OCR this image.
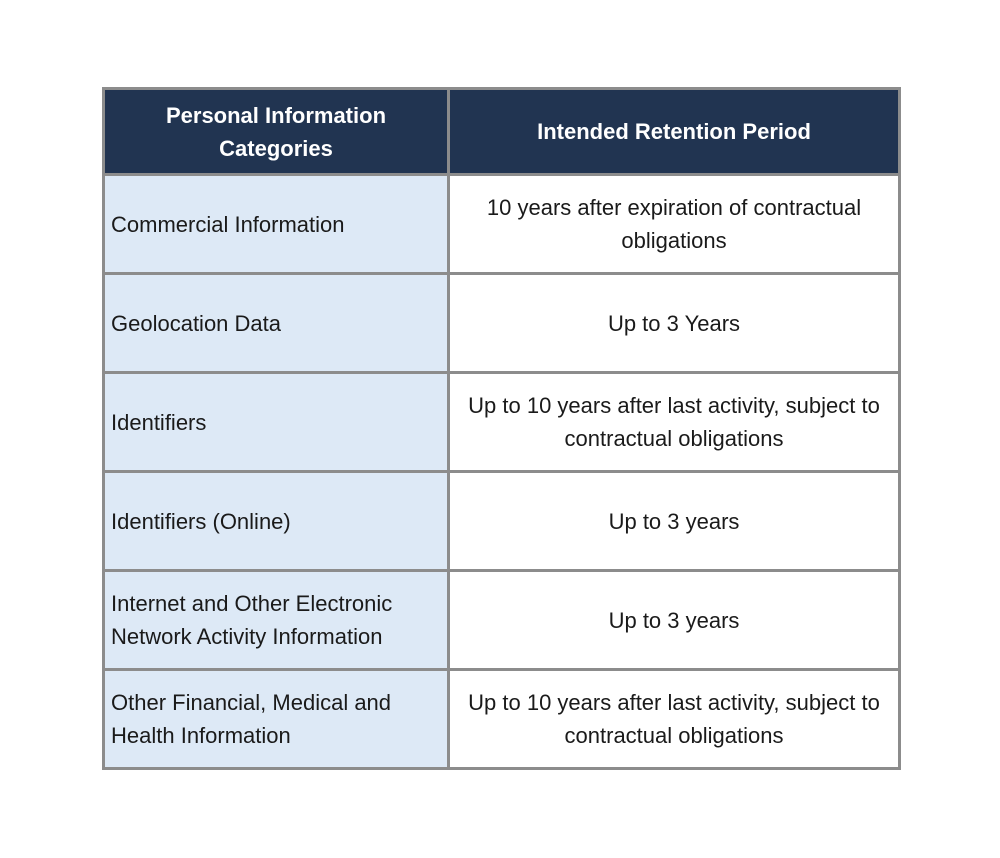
Personal Information Categories	Intended Retention Period
Commercial Information	10 years after expiration of contractual obligations
Geolocation Data	Up to 3 Years
Identifiers	Up to 10 years after last activity, subject to contractual obligations
Identifiers (Online)	Up to 3 years
Internet and Other Electronic Network Activity Information	Up to 3 years
Other Financial, Medical and Health Information	Up to 10 years after last activity, subject to contractual obligations
